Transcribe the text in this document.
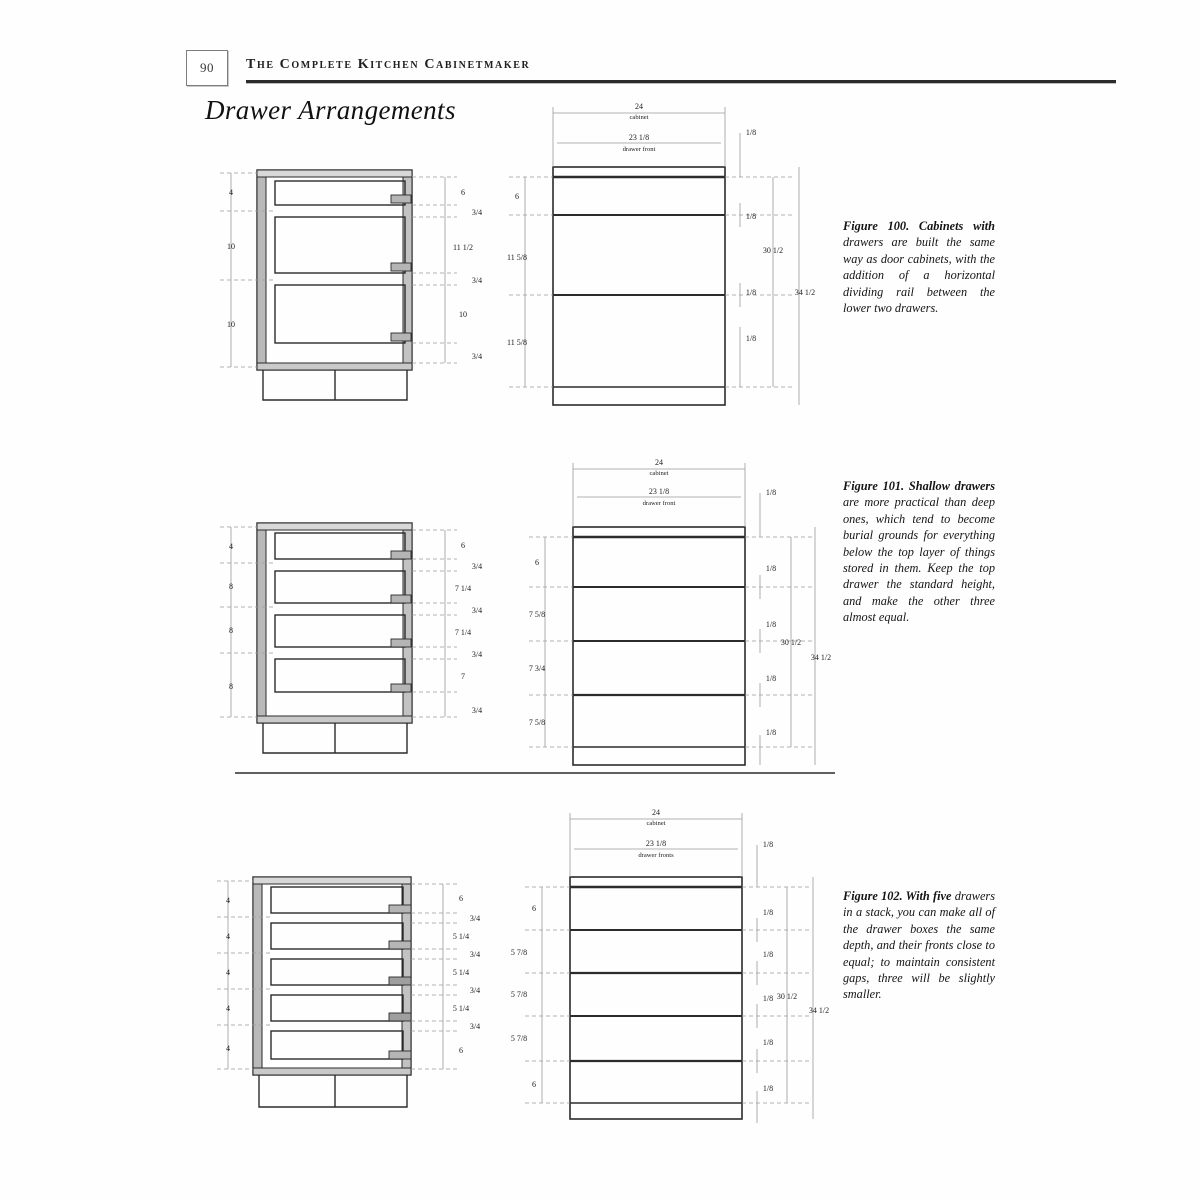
90	The Complete Kitchen Cabinetmaker
Drawer Arrangements
4
10
10
6
3/4
11 1/2
3/4
10
3/4
24
cabinet
23 1/8
drawer front
6
11 5/8
11 5/8
1/8
1/8
1/8
1/8
30 1/2
34 1/2
4
8
8
8
6
3/4
7 1/4
3/4
7 1/4
3/4
7
3/4
24
cabinet
23 1/8
drawer front
6
7 5/8
7 3/4
7 5/8
1/8
1/8
1/8
1/8
1/8
30 1/2
34 1/2
4
4
4
4
4
6
3/4
5 1/4
3/4
5 1/4
3/4
5 1/4
3/4
6
24
cabinet
23 1/8
drawer fronts
6
5 7/8
5 7/8
5 7/8
6
1/8
1/8
1/8
1/8
1/8
1/8
30 1/2
34 1/2
Figure 100. Cabinets with drawers are built the same way as door cabinets, with the addition of a horizontal dividing rail between the lower two drawers.
Figure 101. Shallow drawers are more practical than deep ones, which tend to become burial grounds for everything below the top layer of things stored in them. Keep the top drawer the standard height, and make the other three almost equal.
Figure 102. With five drawers in a stack, you can make all of the drawer boxes the same depth, and their fronts close to equal; to maintain consistent gaps, three will be slightly smaller.
